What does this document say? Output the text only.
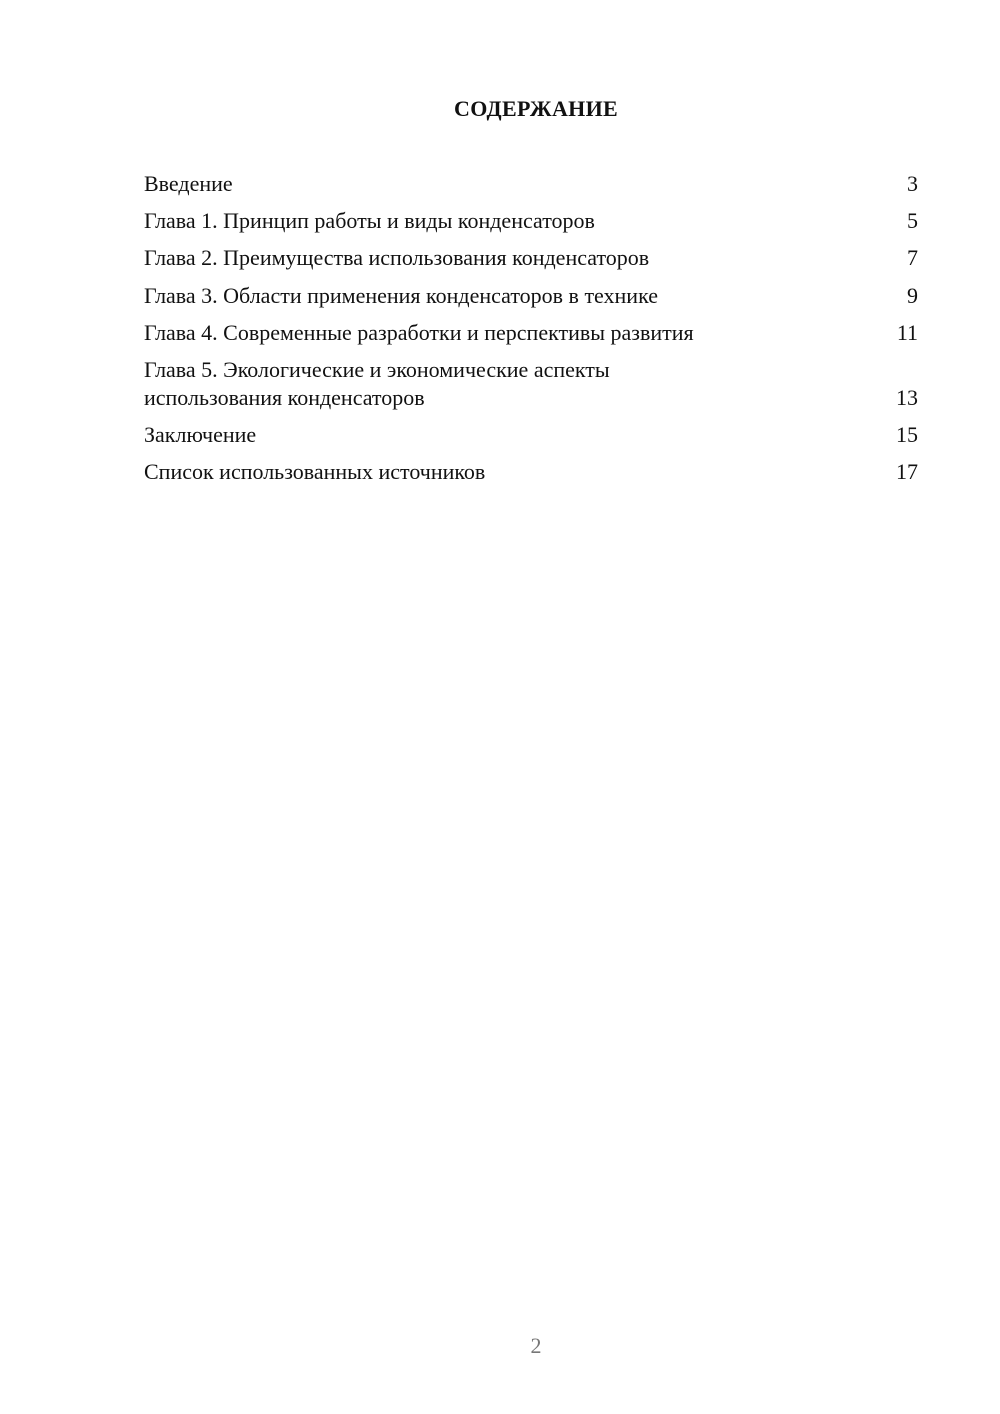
СОДЕРЖАНИЕ
Введение	3
Глава 1. Принцип работы и виды конденсаторов	5
Глава 2. Преимущества использования конденсаторов	7
Глава 3. Области применения конденсаторов в технике	9
Глава 4. Современные разработки и перспективы развития	11
Глава 5. Экологические и экономические аспекты использования конденсаторов	13
Заключение	15
Список использованных источников	17
2
